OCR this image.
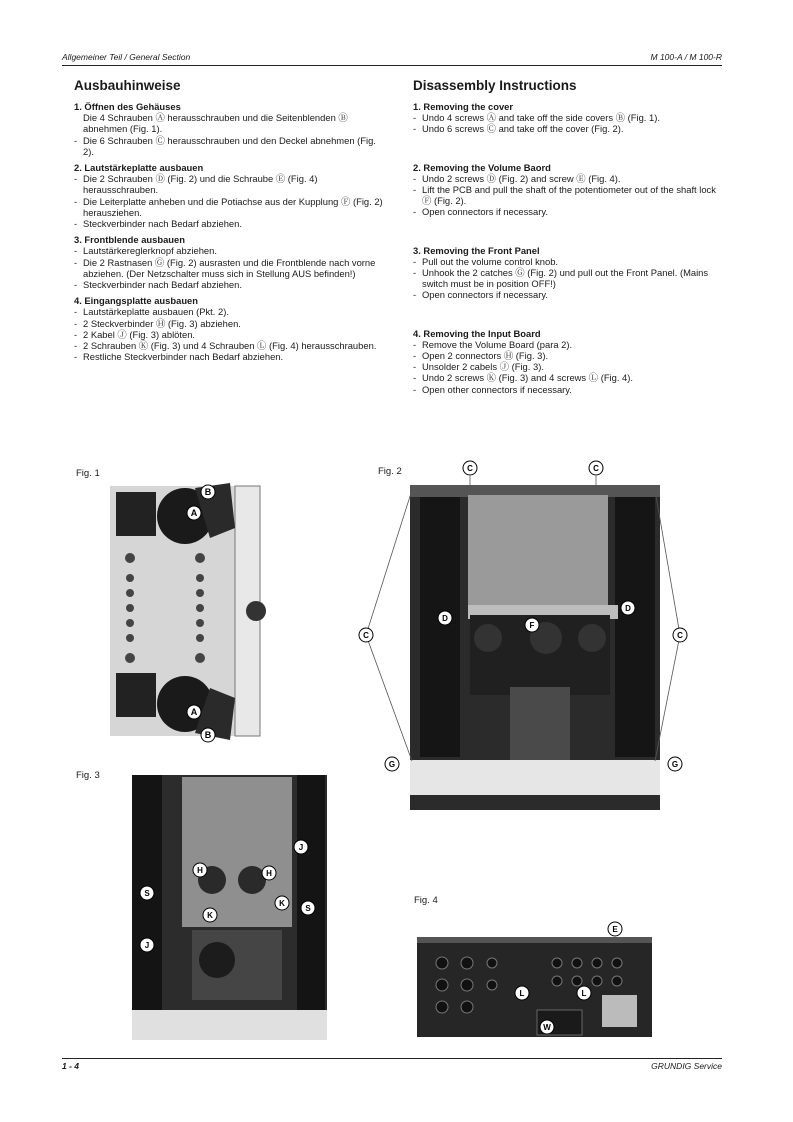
Allgemeiner Teil / General Section	M 100-A / M 100-R
Ausbauhinweise
1. Öffnen des Gehäuses
Die 4 Schrauben Ⓐ herausschrauben und die Seitenblenden Ⓑ abnehmen (Fig. 1).
- Die 6 Schrauben Ⓒ herausschrauben und den Deckel abnehmen (Fig. 2).
2. Lautstärkeplatte ausbauen
- Die 2 Schrauben Ⓓ (Fig. 2) und die Schraube Ⓔ (Fig. 4) herausschrauben.
- Die Leiterplatte anheben und die Potiachse aus der Kupplung Ⓕ (Fig. 2) herausziehen.
- Steckverbinder nach Bedarf abziehen.
3. Frontblende ausbauen
- Lautstärkereglerknopf abziehen.
- Die 2 Rastnasen Ⓖ (Fig. 2) ausrasten und die Frontblende nach vorne abziehen. (Der Netzschalter muss sich in Stellung AUS befinden!)
- Steckverbinder nach Bedarf abziehen.
4. Eingangsplatte ausbauen
- Lautstärkeplatte ausbauen (Pkt. 2).
- 2 Steckverbinder Ⓗ (Fig. 3) abziehen.
- 2 Kabel Ⓙ (Fig. 3) ablöten.
- 2 Schrauben Ⓚ (Fig. 3) und 4 Schrauben Ⓛ (Fig. 4) herausschrauben.
- Restliche Steckverbinder nach Bedarf abziehen.
Disassembly Instructions
1. Removing the cover
- Undo 4 screws Ⓐ and take off the side covers Ⓑ (Fig. 1).
- Undo 6 screws Ⓒ and take off the cover (Fig. 2).
2. Removing the Volume Baord
- Undo 2 screws Ⓓ (Fig. 2) and screw Ⓔ (Fig. 4).
- Lift the PCB and pull the shaft of the potentiometer out of the shaft lock Ⓕ (Fig. 2).
- Open connectors if necessary.
3. Removing the Front Panel
- Pull out the volume control knob.
- Unhook the 2 catches Ⓖ (Fig. 2) und pull out the Front Panel. (Mains switch must be in position OFF!)
- Open connectors if necessary.
4. Removing the Input Board
- Remove the Volume Board (para 2).
- Open 2 connectors Ⓗ (Fig. 3).
- Unsolder 2 cabels Ⓙ (Fig. 3).
- Undo 2 screws Ⓚ (Fig. 3) and 4 screws Ⓛ (Fig. 4).
- Open other connectors if necessary.
Fig. 1
B
A
A
B
Fig. 2	C	C
C	C
D
D
F
G	G
Fig. 3
J
H	H
S
K
K
S
J
Fig. 4
E
L	L
W
1 - 4	GRUNDIG Service
